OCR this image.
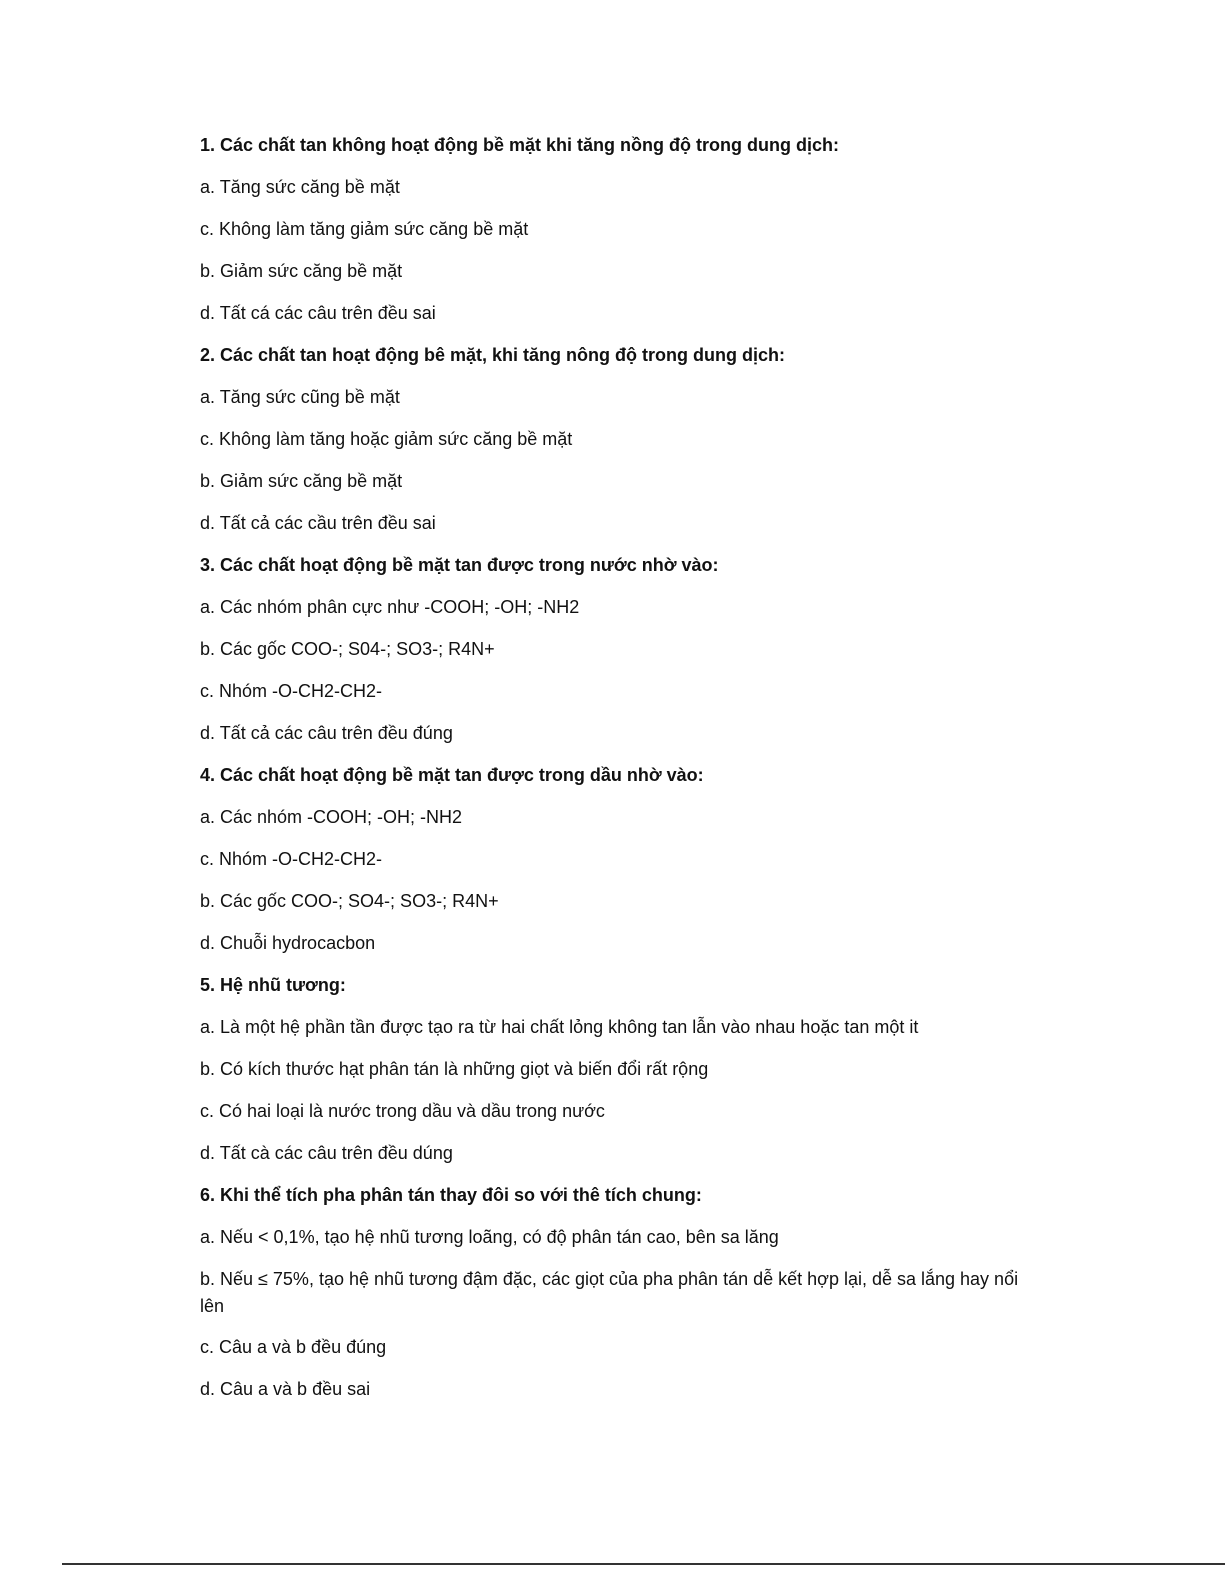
1. Các chất tan không hoạt động bề mặt khi tăng nồng độ trong dung dịch:

a. Tăng sức căng bề mặt

c. Không làm tăng giảm sức căng bề mặt

b. Giảm sức căng bề mặt

d. Tất cá các câu trên đều sai

2. Các chất tan hoạt động bê mặt, khi tăng nông độ trong dung dịch:

a. Tăng sức cũng bề mặt

c. Không làm tăng hoặc giảm sức căng bề mặt

b. Giảm sức căng bề mặt

d. Tất cả các cầu trên đều sai

3. Các chất hoạt động bề mặt tan được trong nước nhờ vào:

a. Các nhóm phân cực như -COOH; -OH; -NH2

b. Các gốc COO-; S04-; SO3-; R4N+

c. Nhóm -O-CH2-CH2-

d. Tất cả các câu trên đều đúng

4. Các chất hoạt động bề mặt tan được trong dầu nhờ vào:

a. Các nhóm -COOH; -OH; -NH2

c. Nhóm -O-CH2-CH2-

b. Các gốc COO-; SO4-; SO3-; R4N+

d. Chuỗi hydrocacbon

5. Hệ nhũ tương:

a. Là một hệ phần tần được tạo ra từ hai chất lỏng không tan lẫn vào nhau hoặc tan một it

b. Có kích thước hạt phân tán là những giọt và biến đổi rất rộng

c. Có hai loại là nước trong dầu và dầu trong nước

d. Tất cà các câu trên đều dúng

6. Khi thể tích pha phân tán thay đôi so với thê tích chung:

a. Nếu < 0,1%, tạo hệ nhũ tương loãng, có độ phân tán cao, bên sa lăng

b. Nếu ≤ 75%, tạo hệ nhũ tương đậm đặc, các giọt của pha phân tán dễ kết hợp lại, dễ sa lắng hay nổi lên

c. Câu a và b đều đúng

d. Câu a và b đều sai
